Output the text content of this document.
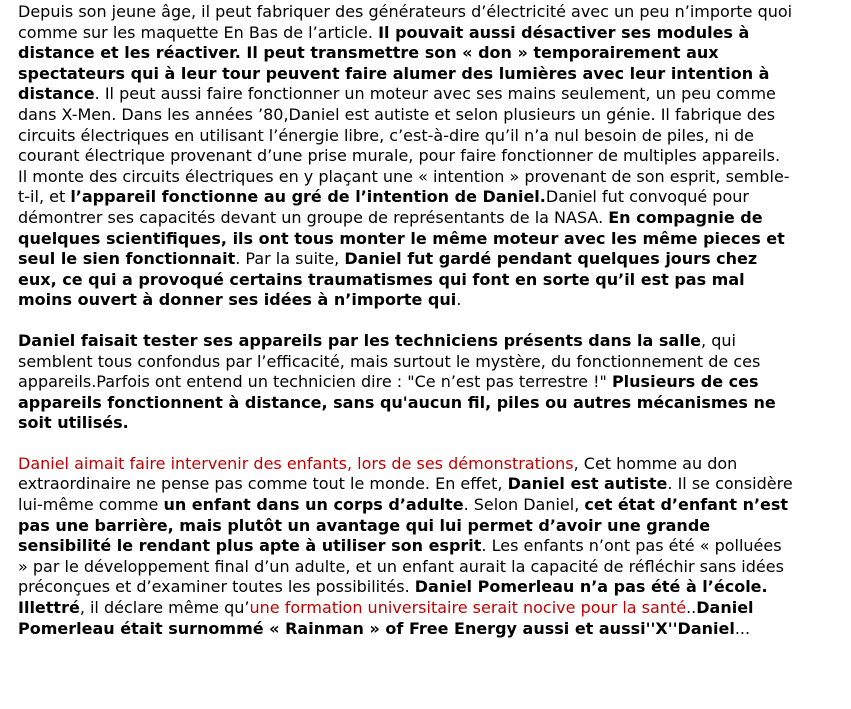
Depuis son jeune âge, il peut fabriquer des générateurs d’électricité avec un peu n’importe quoi comme sur les maquette En Bas de l’article. Il pouvait aussi désactiver ses modules à distance et les réactiver. Il peut transmettre son « don » temporairement aux spectateurs qui à leur tour peuvent faire alumer des lumières avec leur intention à distance. Il peut aussi faire fonctionner un moteur avec ses mains seulement, un peu comme dans X-Men. Dans les années ’80,Daniel est autiste et selon plusieurs un génie. Il fabrique des circuits électriques en utilisant l’énergie libre, c’est-à-dire qu’il n’a nul besoin de piles, ni de courant électrique provenant d’une prise murale, pour faire fonctionner de multiples appareils. Il monte des circuits électriques en y plaçant une « intention » provenant de son esprit, semble-t-il, et l’appareil fonctionne au gré de l’intention de Daniel.Daniel fut convoqué pour démontrer ses capacités devant un groupe de représentants de la NASA. En compagnie de quelques scientifiques, ils ont tous monter le même moteur avec les même pieces et seul le sien fonctionnait. Par la suite, Daniel fut gardé pendant quelques jours chez eux, ce qui a provoqué certains traumatismes qui font en sorte qu’il est pas mal moins ouvert à donner ses idées à n’importe qui.

Daniel faisait tester ses appareils par les techniciens présents dans la salle, qui semblent tous confondus par l’efficacité, mais surtout le mystère, du fonctionnement de ces appareils.Parfois ont entend un technicien dire : "Ce n’est pas terrestre !" Plusieurs de ces appareils fonctionnent à distance, sans qu'aucun fil, piles ou autres mécanismes ne soit utilisés.

Daniel aimait faire intervenir des enfants, lors de ses démonstrations, Cet homme au don extraordinaire ne pense pas comme tout le monde. En effet, Daniel est autiste. Il se considère lui-même comme un enfant dans un corps d’adulte. Selon Daniel, cet état d’enfant n’est pas une barrière, mais plutôt un avantage qui lui permet d’avoir une grande sensibilité le rendant plus apte à utiliser son esprit. Les enfants n’ont pas été « polluées » par le développement final d’un adulte, et un enfant aurait la capacité de réfléchir sans idées préconçues et d’examiner toutes les possibilités. Daniel Pomerleau n’a pas été à l’école. Illettré, il déclare même qu’une formation universitaire serait nocive pour la santé..Daniel Pomerleau était surnommé « Rainman » of Free Energy aussi et aussi''X''Daniel...
